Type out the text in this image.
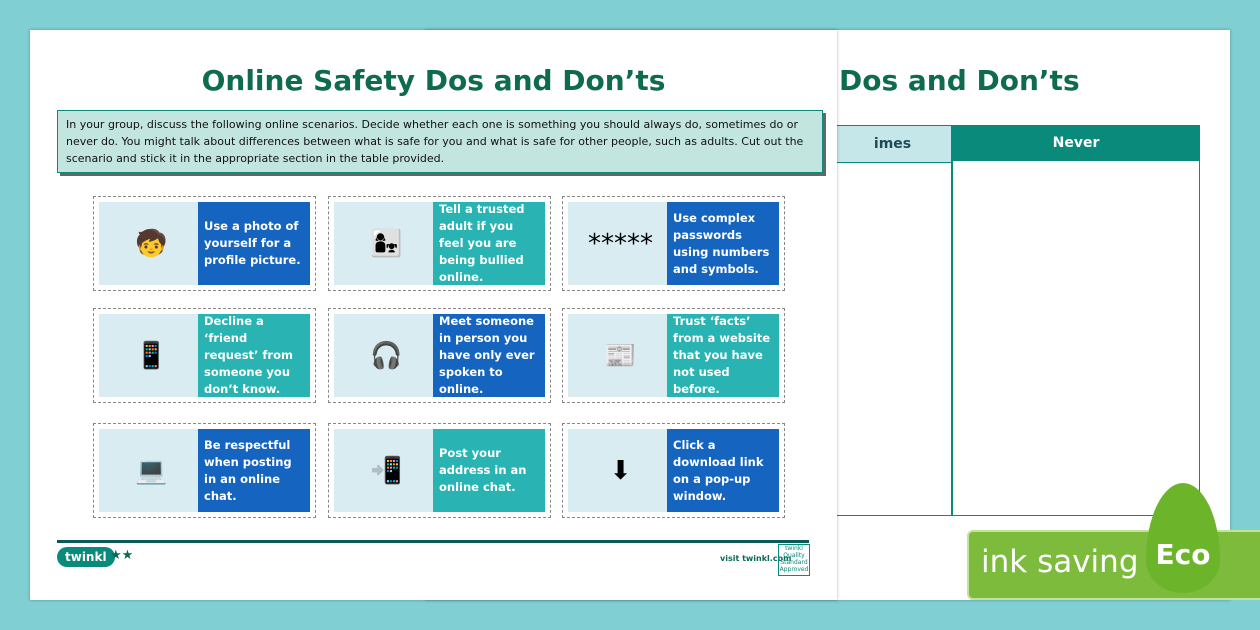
Dos and Don’ts
imes	Never
Online Safety Dos and Don’ts
In your group, discuss the following online scenarios. Decide whether each one is something you should always do, sometimes do or never do. You might talk about differences between what is safe for you and what is safe for other people, such as adults. Cut out the scenario and stick it in the appropriate section in the table provided.
🧒
Use a photo of yourself for a profile picture.
👩‍👧
Tell a trusted adult if you feel you are being bullied online.
*****
Use complex passwords using numbers and symbols.
📱
Decline a ‘friend request’ from someone you don’t know.
🎧
Meet someone in person you have only ever spoken to online.
📰
Trust ‘facts’ from a website that you have not used before.
💻
Be respectful when posting in an online chat.
📲
Post your address in an online chat.
⬇
Click a download link on a pop-up window.
twinkl ★★	visit twinkl.com
twinkl Quality Standard Approved	ink saving Eco
